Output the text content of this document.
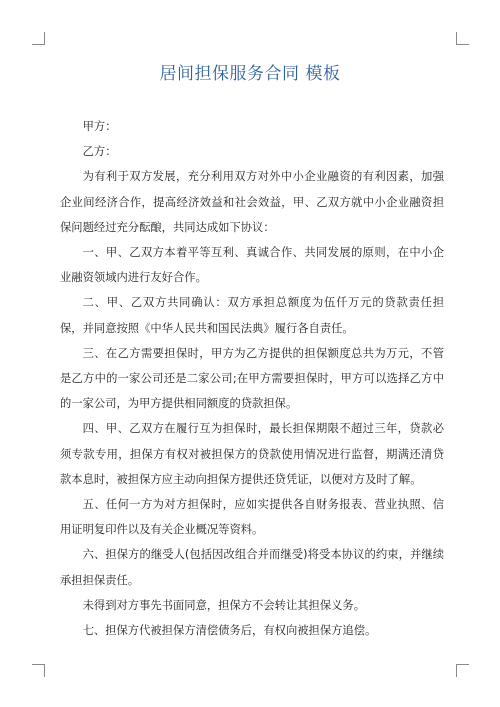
居间担保服务合同 模板

甲方：

乙方：

为有利于双方发展，充分利用双方对外中小企业融资的有利因素，加强企业间经济合作，提高经济效益和社会效益，甲、乙双方就中小企业融资担保问题经过充分酝酿，共同达成如下协议：

一、甲、乙双方本着平等互利、真诚合作、共同发展的原则，在中小企业融资领域内进行友好合作。

二、甲、乙双方共同确认：双方承担总额度为伍仟万元的贷款责任担保，并同意按照《中华人民共和国民法典》履行各自责任。

三、在乙方需要担保时，甲方为乙方提供的担保额度总共为万元，不管是乙方中的一家公司还是二家公司;在甲方需要担保时，甲方可以选择乙方中的一家公司，为甲方提供相同额度的贷款担保。

四、甲、乙双方在履行互为担保时，最长担保期限不超过三年，贷款必须专款专用，担保方有权对被担保方的贷款使用情况进行监督，期满还清贷款本息时，被担保方应主动向担保方提供还贷凭证，以便对方及时了解。

五、任何一方为对方担保时，应如实提供各自财务报表、营业执照、信用证明复印件以及有关企业概况等资料。

六、担保方的继受人(包括因改组合并而继受)将受本协议的约束，并继续承担担保责任。

未得到对方事先书面同意，担保方不会转让其担保义务。

七、担保方代被担保方清偿债务后，有权向被担保方追偿。
